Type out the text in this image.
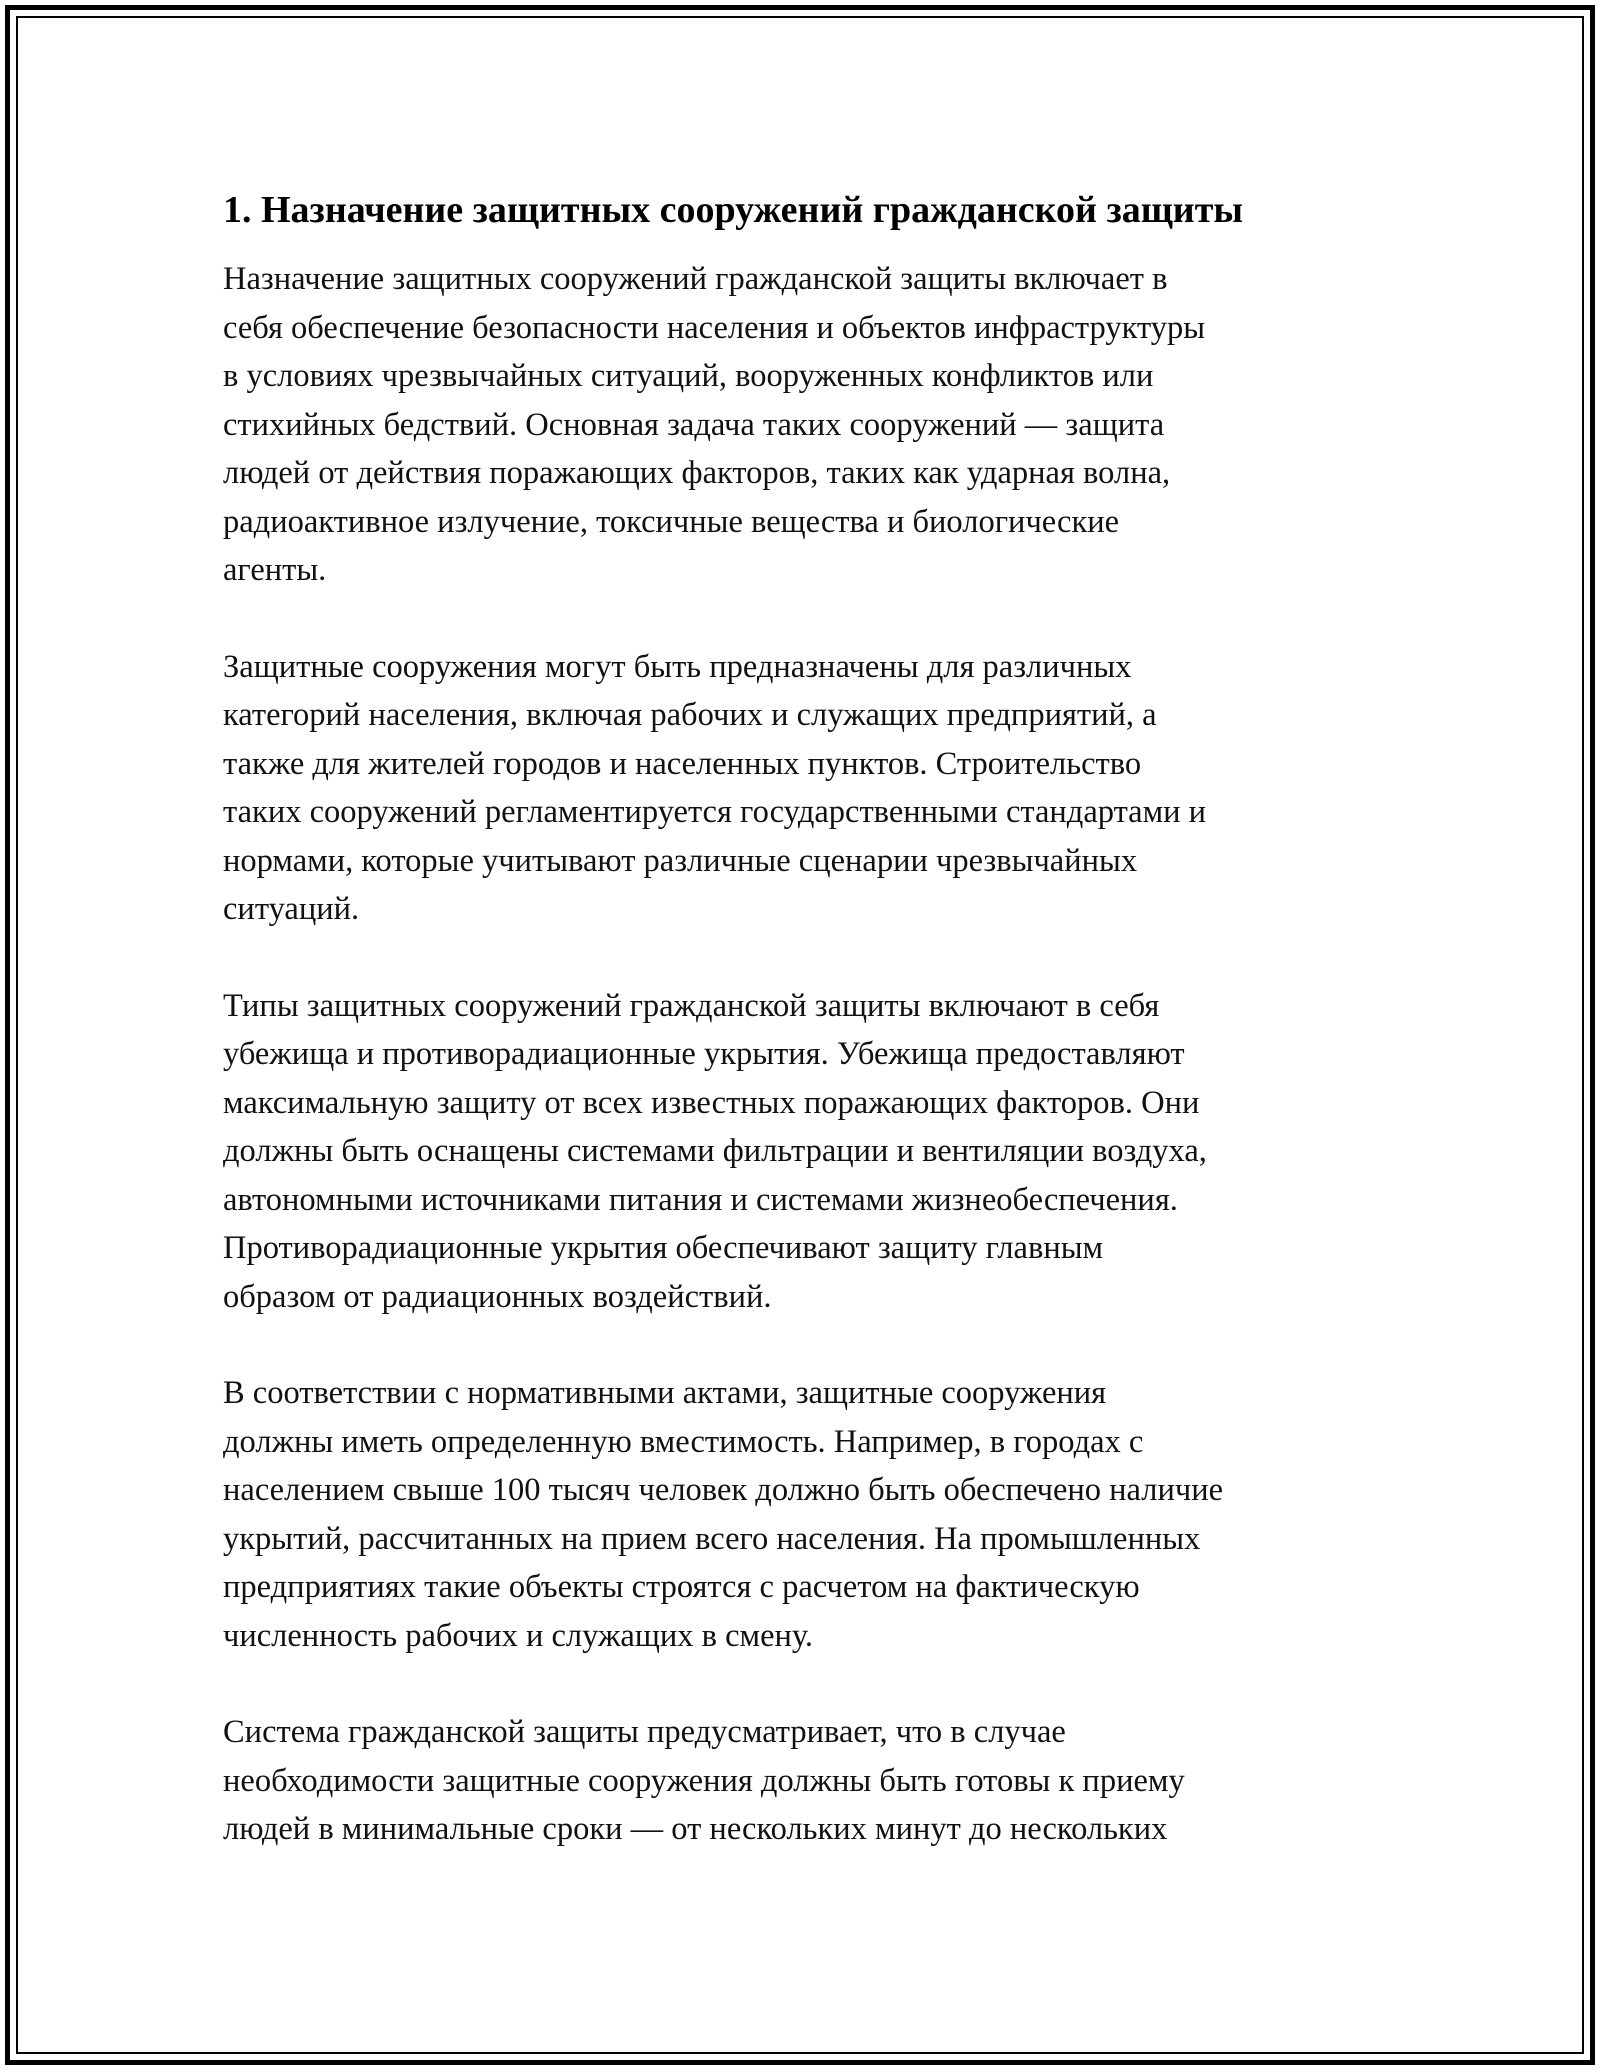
1. Назначение защитных сооружений гражданской защиты

Назначение защитных сооружений гражданской защиты включает в
себя обеспечение безопасности населения и объектов инфраструктуры
в условиях чрезвычайных ситуаций, вооруженных конфликтов или
стихийных бедствий. Основная задача таких сооружений — защита
людей от действия поражающих факторов, таких как ударная волна,
радиоактивное излучение, токсичные вещества и биологические
агенты.

Защитные сооружения могут быть предназначены для различных
категорий населения, включая рабочих и служащих предприятий, а
также для жителей городов и населенных пунктов. Строительство
таких сооружений регламентируется государственными стандартами и
нормами, которые учитывают различные сценарии чрезвычайных
ситуаций.

Типы защитных сооружений гражданской защиты включают в себя
убежища и противорадиационные укрытия. Убежища предоставляют
максимальную защиту от всех известных поражающих факторов. Они
должны быть оснащены системами фильтрации и вентиляции воздуха,
автономными источниками питания и системами жизнеобеспечения.
Противорадиационные укрытия обеспечивают защиту главным
образом от радиационных воздействий.

В соответствии с нормативными актами, защитные сооружения
должны иметь определенную вместимость. Например, в городах с
населением свыше 100 тысяч человек должно быть обеспечено наличие
укрытий, рассчитанных на прием всего населения. На промышленных
предприятиях такие объекты строятся с расчетом на фактическую
численность рабочих и служащих в смену.

Система гражданской защиты предусматривает, что в случае
необходимости защитные сооружения должны быть готовы к приему
людей в минимальные сроки — от нескольких минут до нескольких
